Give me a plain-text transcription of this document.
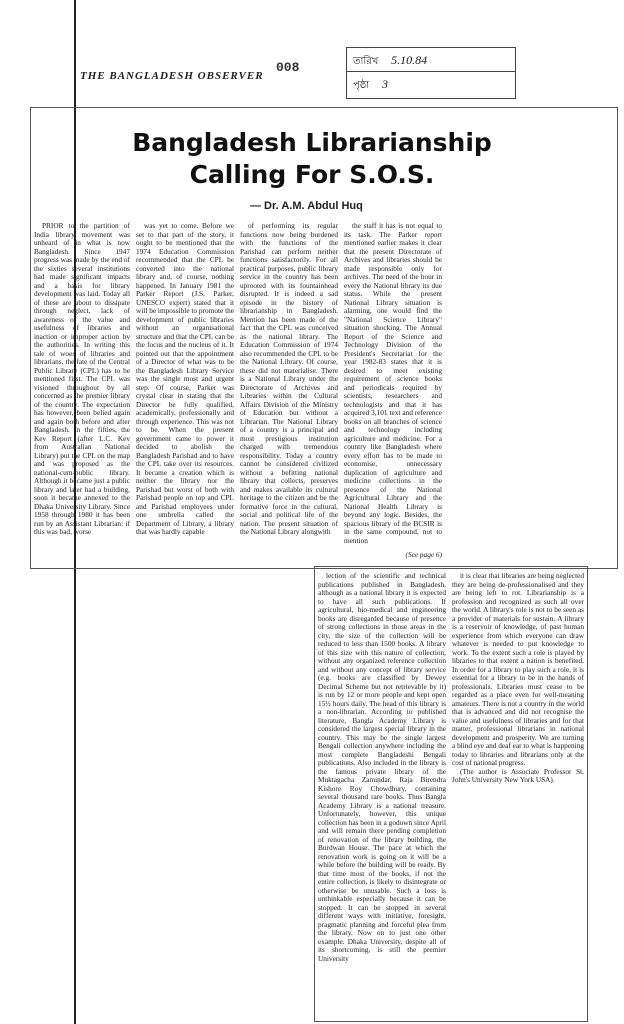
THE BANGLADESH OBSERVER
008	তারিখ 5.10.84
পৃষ্ঠা 3
Bangladesh Librarianship
Calling For S.O.S.
— Dr. A.M. Abdul Huq

PRIOR to the partition of India library movement was unheard of in what is now Bangladesh. Since 1947 progress was made by the end of the sixties several institutions had made significant impacts and a basis for library development was laid. Today all of these are about to dissipate through neglect, lack of awareness of the value and usefulness of libraries and inaction or improper action by the authorities. In writing this tale of woes of libraries and librarians, the fate of the Central Public Library (CPL) has to be mentioned first. The CPL was visioned throughout by all concerned as the premier library of the country. The expectation has however, been belied again and again both before and after Bangladesh. In the fifties, the Kev Report (after L.C. Kev from Australian National Library) put the CPL on the map and was proposed as the national-cum-public library. Although it became just a public library and later had a building, soon it became annexed to the Dhaka University Library. Since 1958 through 1980 it has been run by an Assistant Librarian: if this was bad, worse

was yet to come. Before we set to that part of the story, it ought to be mentioned that the 1974 Education Commission recommended that the CPL be converted into the national library and, of course, nothing happened. In January 1981 the Parker Report (J.S. Parker, UNESCO expert) stated that it will be impossible to promote the development of public libraries without an organisational structure and that the CPL can be the focus and the nucleus of it. It pointed out that the appointment of a Director of what was to be the Bangladesh Library Service was the single most and urgent step. Of course, Parker was crystal clear in stating that the Director be fully qualified, academically, professionally and through experience. This was not to be. When the present government came to power it decided to abolish the Bangladesh Parishad and to have the CPL take over its resources. It became a creation which is neither the library nor the Parishad but worst of both with Parishad people on top and CPL and Parishad employees under one umbrella called the Department of Library, a library that was hardly capable

of performing its regular functions now being burdened with the functions of the Parishad can perform neither functions satisfactorily. For all practical purposes, public library service in the country has been uprooted with its fountainhead disrupted. It is indeed a sad episode in the history of librarianship in Bangladesh. Mention has been made of the fact that the CPL was conceived as the national library. The Education Commission of 1974 also recommended the CPL to be the National Library. Of course, these did not materialise. There is a National Library under the Directorate of Archives and Libraries within the Cultural Affairs Division of the Ministry of Education but without a Librarian. The National Library of a country is a principal and most prestigious institution charged with tremendous responsibility. Today a country cannot be considered civilized without a befitting national library that collects, preserves and makes available its cultural heritage to the citizen and be the formative force in the cultural, social and political life of the nation. The present situation of the National Library alongwith

the staff it has is not equal to its task. The Parker report mentioned earlier makes it clear that the present Directorate of Archives and libraries should be made responsible only for archives. The need of the hour in every the National library its due status. While the present National Library situation is alarming, one would find the "National Science Library" situation shocking. The Annual Report of the Science and Technology Division of the President's Secretariat for the year 1982-83 states that it is desired to meet existing requirement of science books and periodicals required by scientists, researchers and technologists and that it has acquired 3,101 text and reference books on all branches of science and technology including agriculture and medicine. For a country like Bangladesh where every effort has to be made to economise, unnecessary duplication of agriculture and medicine collections in the presence of the National Agricultural Library and the National Health Library is beyond any logic. Besides, the spacious library of the BCSIR is in the same compound, not to mention

(See page 6)

lection of the scientific and technical publications published in Bangladesh, although as a national library it is expected to have all such publications. If agricultural, bio-medical and engineering books are disregarded because of presence of strong collections in those areas in the city, the size of the collection will be reduced to less than 1500 books. A library of this size with this nature of collection, without any organized reference collection and without any concept of library service (e.g. books are classified by Dewey Decimal Scheme but not retrievable by it) is run by 12 or more people and kept open 15½ hours daily. The head of this library is a non-librarian. According to published literature, Bangla Academy Library is considered the largest special library in the country. This may be the single largest Bengali collection anywhere including the most complete Bangladeshi Bengali publications. Also included in the library is the famous private library of the Muktagacha Zamindar, Raja Birendra Kishore Roy Chowdhury, containing several thousand rare books. Thus Bangla Academy Library is a national treasure. Unfortunately, however, this unique collection has been in a godown since April and will remain there pending completion of renovation of the library building, the Burdwan House. The pace at which the renovation work is going on it will be a while before the building will be ready. By that time most of the books, if not the entire collection, is likely to disintegrate or otherwise be unusable. Such a loss is unthinkable especially because it can be stopped. It can be stopped in several different ways with initiative, foresight, pragmatic planning and forceful plea from the library. Now on to just one other example. Dhaka University, despite all of its shortcoming, is still the premier University

it is clear that libraries are being neglected they are being de-professionalised and they are being left to rot. Librarianship is a profession and recognized as such all over the world. A library's role is not to be seen as a provider of materials for sustain. A library is a reservoir of knowledge, of past human experience from which everyone can draw whatever is needed to put knowledge to work. To the extent such a role is played by libraries to that extent a nation is benefited. In order for a library to play such a role, it is essential for a library to be in the hands of professionals. Libraries must cease to be regarded as a place even for well-meaning amateurs. There is not a country in the world that is advanced and did not recognise the value and usefulness of libraries and for that matter, professional librarians in national development and prosperity. We are turning a blind eye and deaf ear to what is happening today to libraries and librarians only at the cost of national progress.

(The author is Associate Professor St. John's University New York USA).
